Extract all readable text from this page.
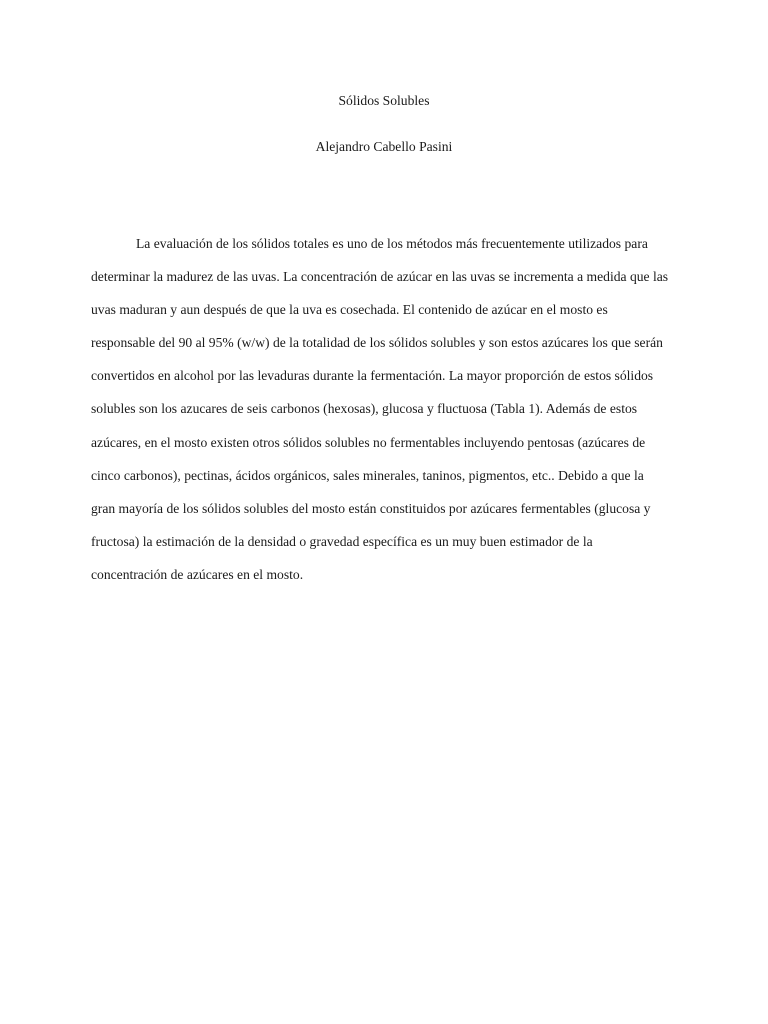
Sólidos Solubles
Alejandro Cabello Pasini
La evaluación de los sólidos totales es uno de los métodos más frecuentemente utilizados para
determinar la madurez de las uvas. La concentración de azúcar en las uvas se incrementa a medida que las
uvas maduran y aun después de que la uva es cosechada. El contenido de azúcar en el mosto es
responsable del 90 al 95% (w/w) de la totalidad de los sólidos solubles y son estos azúcares los que serán
convertidos en alcohol por las levaduras durante la fermentación. La mayor proporción de estos sólidos
solubles son los azucares de seis carbonos (hexosas), glucosa y fluctuosa (Tabla 1). Además de estos
azúcares, en el mosto existen otros sólidos solubles no fermentables incluyendo pentosas (azúcares de
cinco carbonos), pectinas, ácidos orgánicos, sales minerales, taninos, pigmentos, etc.. Debido a que la
gran mayoría de los sólidos solubles del mosto están constituidos por azúcares fermentables (glucosa y
fructosa) la estimación de la densidad o gravedad específica es un muy buen estimador de la
concentración de azúcares en el mosto.
